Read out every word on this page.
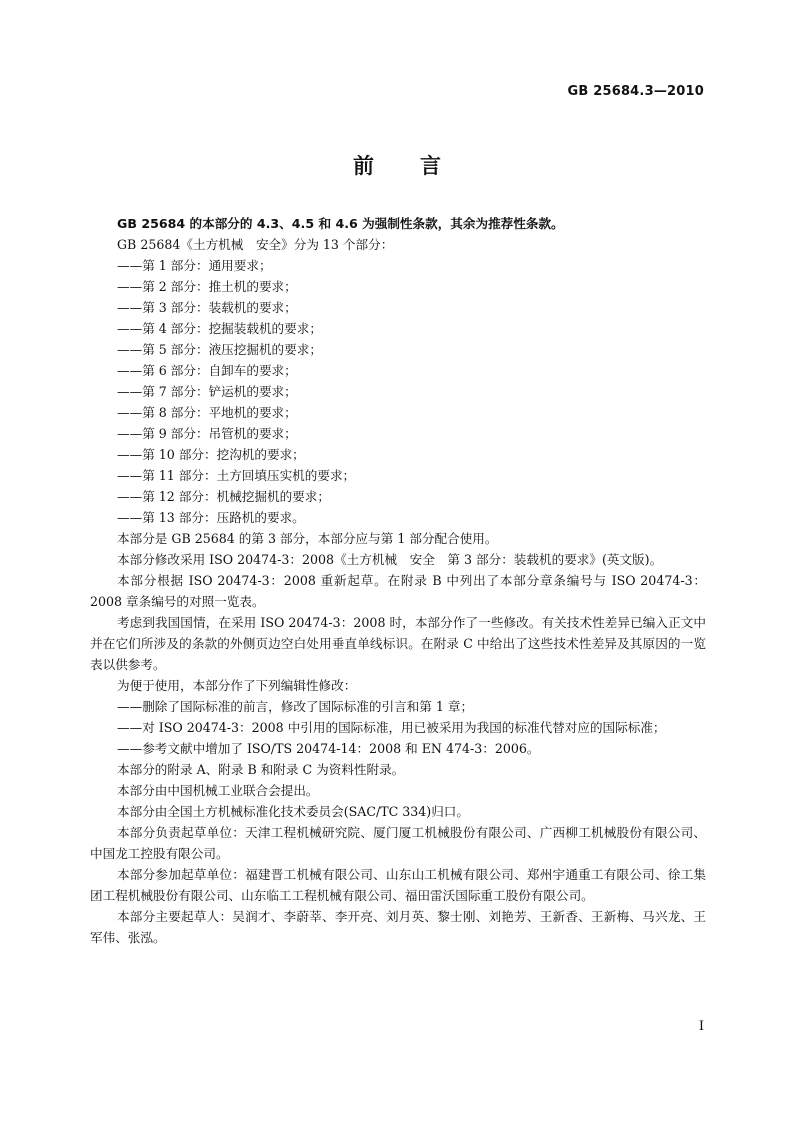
GB 25684.3—2010
前言

GB 25684 的本部分的 4.3、4.5 和 4.6 为强制性条款，其余为推荐性条款。

GB 25684《土方机械　安全》分为 13 个部分：

——第 1 部分：通用要求；

——第 2 部分：推土机的要求；

——第 3 部分：装载机的要求；

——第 4 部分：挖掘装载机的要求；

——第 5 部分：液压挖掘机的要求；

——第 6 部分：自卸车的要求；

——第 7 部分：铲运机的要求；

——第 8 部分：平地机的要求；

——第 9 部分：吊管机的要求；

——第 10 部分：挖沟机的要求；

——第 11 部分：土方回填压实机的要求；

——第 12 部分：机械挖掘机的要求；

——第 13 部分：压路机的要求。

本部分是 GB 25684 的第 3 部分，本部分应与第 1 部分配合使用。

本部分修改采用 ISO 20474-3：2008《土方机械　安全　第 3 部分：装载机的要求》(英文版)。

本部分根据 ISO 20474-3：2008 重新起草。在附录 B 中列出了本部分章条编号与 ISO 20474-3：2008 章条编号的对照一览表。

考虑到我国国情，在采用 ISO 20474-3：2008 时，本部分作了一些修改。有关技术性差异已编入正文中并在它们所涉及的条款的外侧页边空白处用垂直单线标识。在附录 C 中给出了这些技术性差异及其原因的一览表以供参考。

为便于使用，本部分作了下列编辑性修改：

——删除了国际标准的前言，修改了国际标准的引言和第 1 章；

——对 ISO 20474-3：2008 中引用的国际标准，用已被采用为我国的标准代替对应的国际标准；

——参考文献中增加了 ISO/TS 20474-14：2008 和 EN 474-3：2006。

本部分的附录 A、附录 B 和附录 C 为资料性附录。

本部分由中国机械工业联合会提出。

本部分由全国土方机械标准化技术委员会(SAC/TC 334)归口。

本部分负责起草单位：天津工程机械研究院、厦门厦工机械股份有限公司、广西柳工机械股份有限公司、中国龙工控股有限公司。

本部分参加起草单位：福建晋工机械有限公司、山东山工机械有限公司、郑州宇通重工有限公司、徐工集团工程机械股份有限公司、山东临工工程机械有限公司、福田雷沃国际重工股份有限公司。

本部分主要起草人：吴润才、李蔚莘、李开亮、刘月英、黎士刚、刘艳芳、王新香、王新梅、马兴龙、王军伟、张泓。

I
